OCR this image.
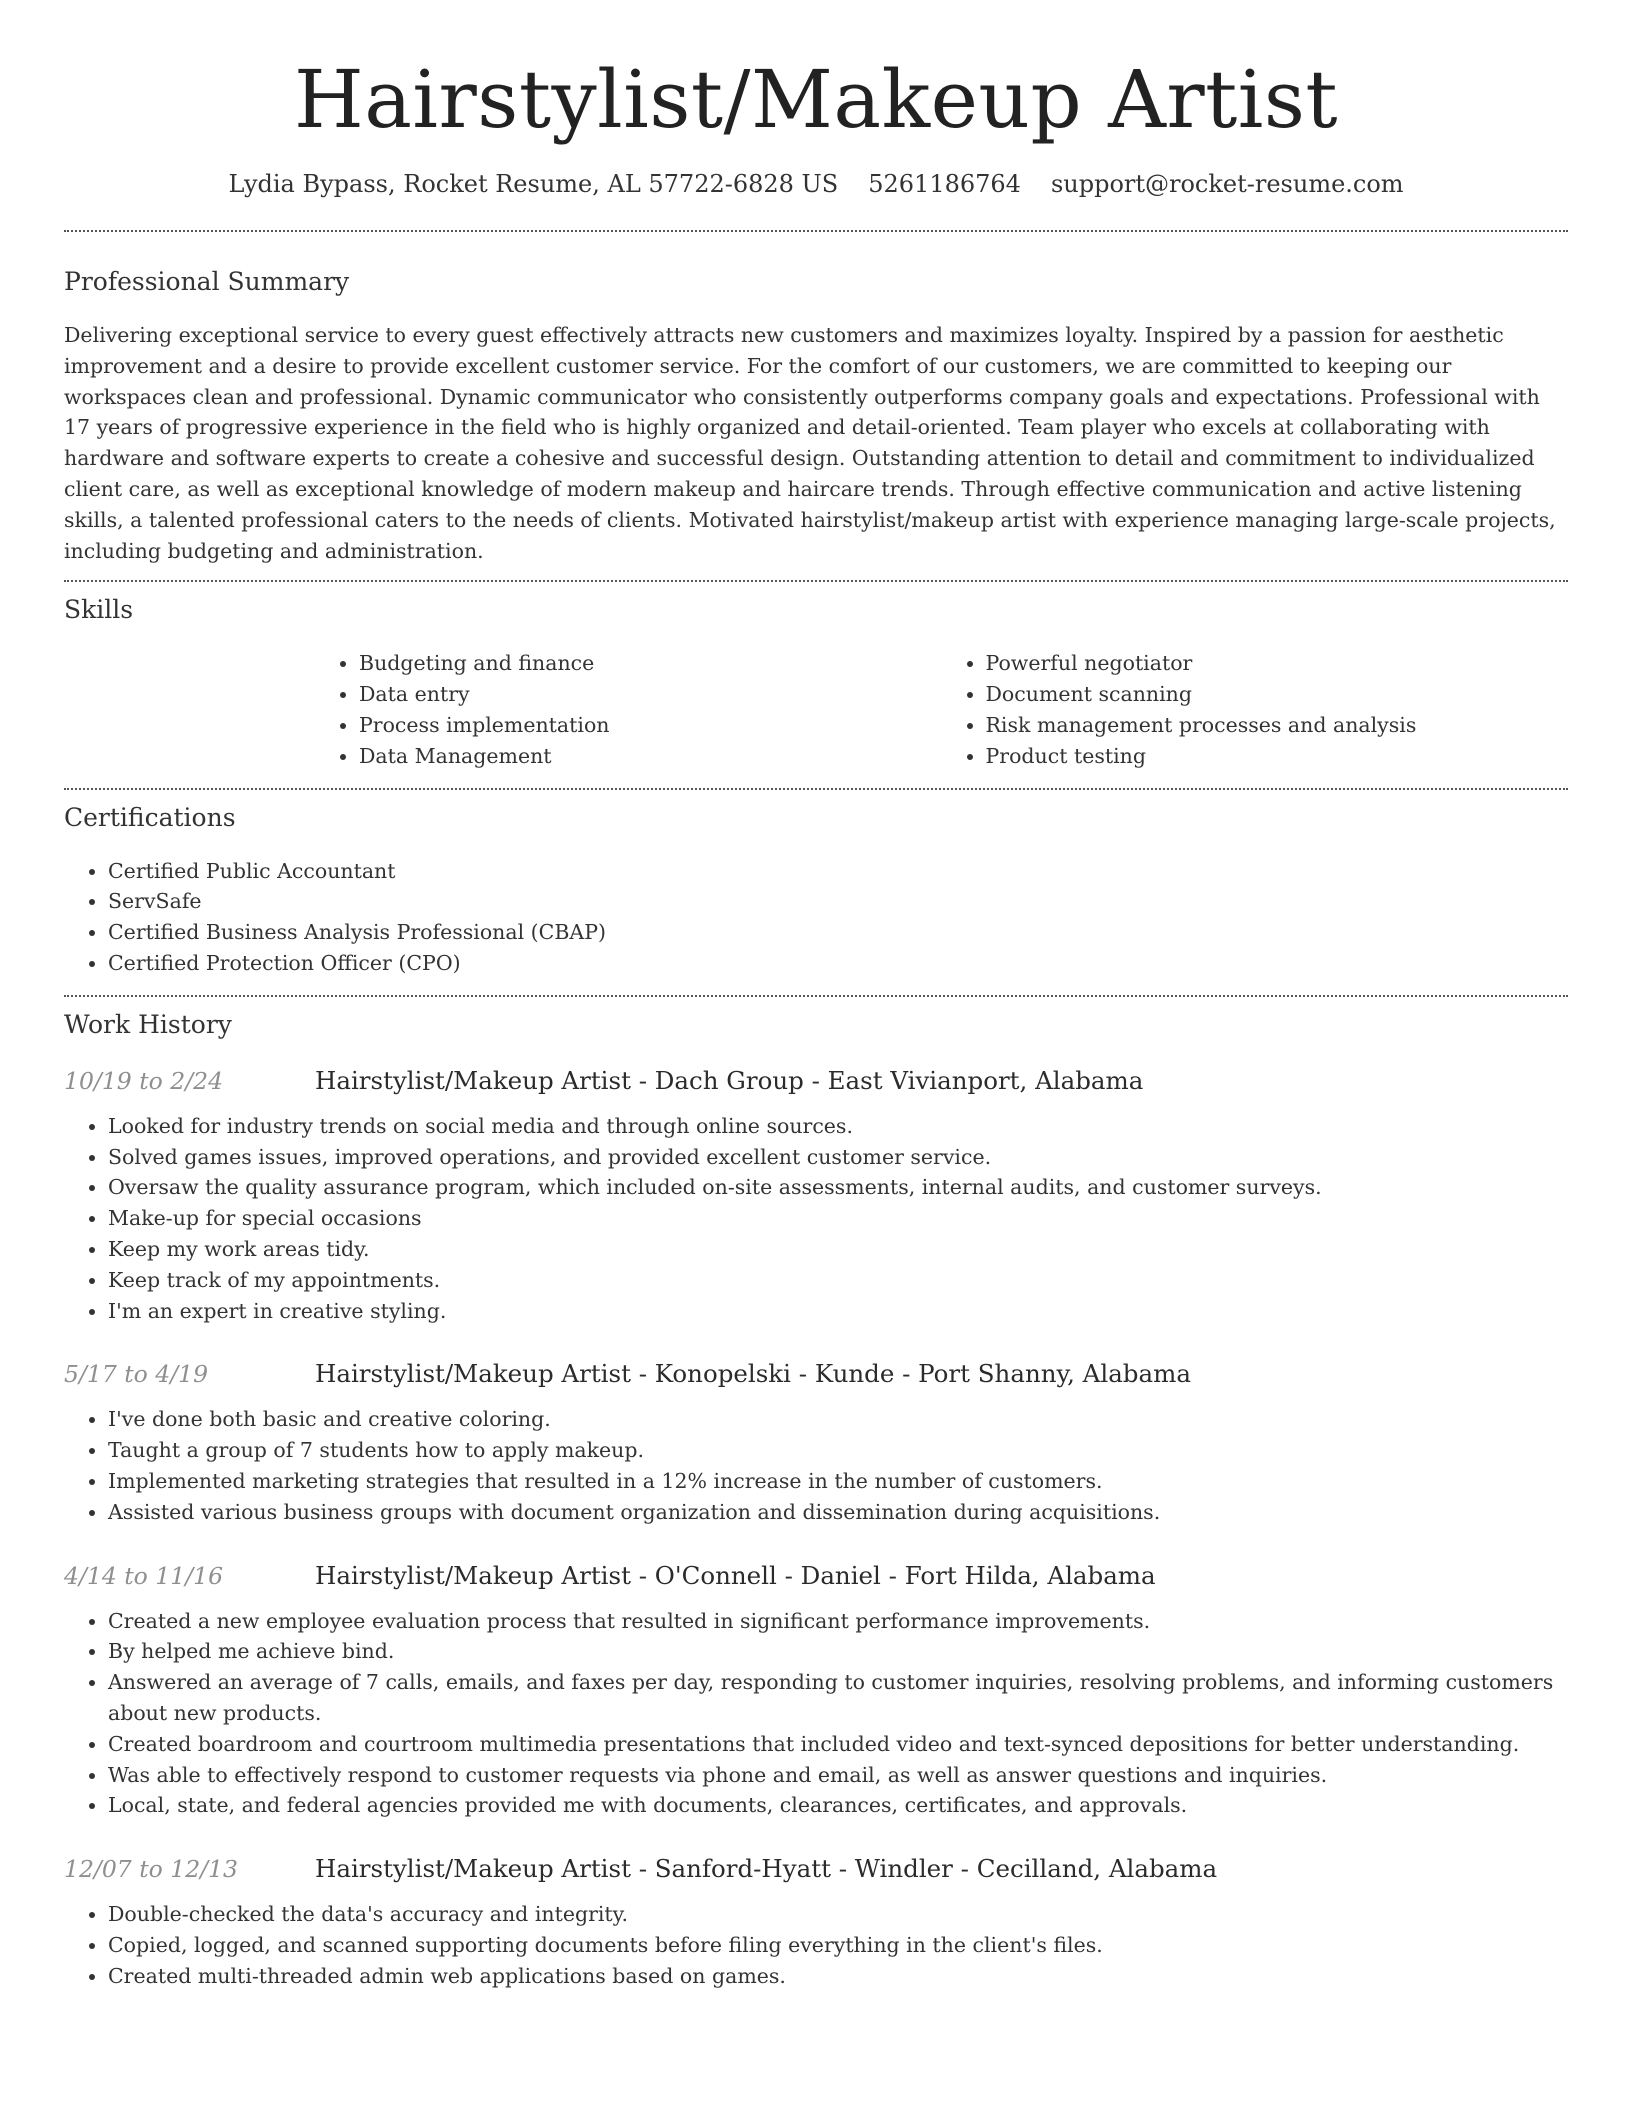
Hairstylist/Makeup Artist
Lydia Bypass, Rocket Resume, AL 57722-6828 US 5261186764 support@rocket-resume.com
Professional Summary

Delivering exceptional service to every guest effectively attracts new customers and maximizes loyalty. Inspired by a passion for aesthetic improvement and a desire to provide excellent customer service. For the comfort of our customers, we are committed to keeping our workspaces clean and professional. Dynamic communicator who consistently outperforms company goals and expectations. Professional with 17 years of progressive experience in the field who is highly organized and detail-oriented. Team player who excels at collaborating with hardware and software experts to create a cohesive and successful design. Outstanding attention to detail and commitment to individualized client care, as well as exceptional knowledge of modern makeup and haircare trends. Through effective communication and active listening skills, a talented professional caters to the needs of clients. Motivated hairstylist/makeup artist with experience managing large-scale projects, including budgeting and administration.

Skills
• Budgeting and finance
• Data entry
• Process implementation
• Data Management
• Powerful negotiator
• Document scanning
• Risk management processes and analysis
• Product testing
Certifications
• Certified Public Accountant
• ServSafe
• Certified Business Analysis Professional (CBAP)
• Certified Protection Officer (CPO)
Work History
10/19 to 2/24	Hairstylist/Makeup Artist - Dach Group - East Vivianport, Alabama
• Looked for industry trends on social media and through online sources.
• Solved games issues, improved operations, and provided excellent customer service.
• Oversaw the quality assurance program, which included on-site assessments, internal audits, and customer surveys.
• Make-up for special occasions
• Keep my work areas tidy.
• Keep track of my appointments.
• I'm an expert in creative styling.
5/17 to 4/19	Hairstylist/Makeup Artist - Konopelski - Kunde - Port Shanny, Alabama
• I've done both basic and creative coloring.
• Taught a group of 7 students how to apply makeup.
• Implemented marketing strategies that resulted in a 12% increase in the number of customers.
• Assisted various business groups with document organization and dissemination during acquisitions.
4/14 to 11/16	Hairstylist/Makeup Artist - O'Connell - Daniel - Fort Hilda, Alabama
• Created a new employee evaluation process that resulted in significant performance improvements.
• By helped me achieve bind.
• Answered an average of 7 calls, emails, and faxes per day, responding to customer inquiries, resolving problems, and informing customers about new products.
• Created boardroom and courtroom multimedia presentations that included video and text-synced depositions for better understanding.
• Was able to effectively respond to customer requests via phone and email, as well as answer questions and inquiries.
• Local, state, and federal agencies provided me with documents, clearances, certificates, and approvals.
12/07 to 12/13	Hairstylist/Makeup Artist - Sanford-Hyatt - Windler - Cecilland, Alabama
• Double-checked the data's accuracy and integrity.
• Copied, logged, and scanned supporting documents before filing everything in the client's files.
• Created multi-threaded admin web applications based on games.
